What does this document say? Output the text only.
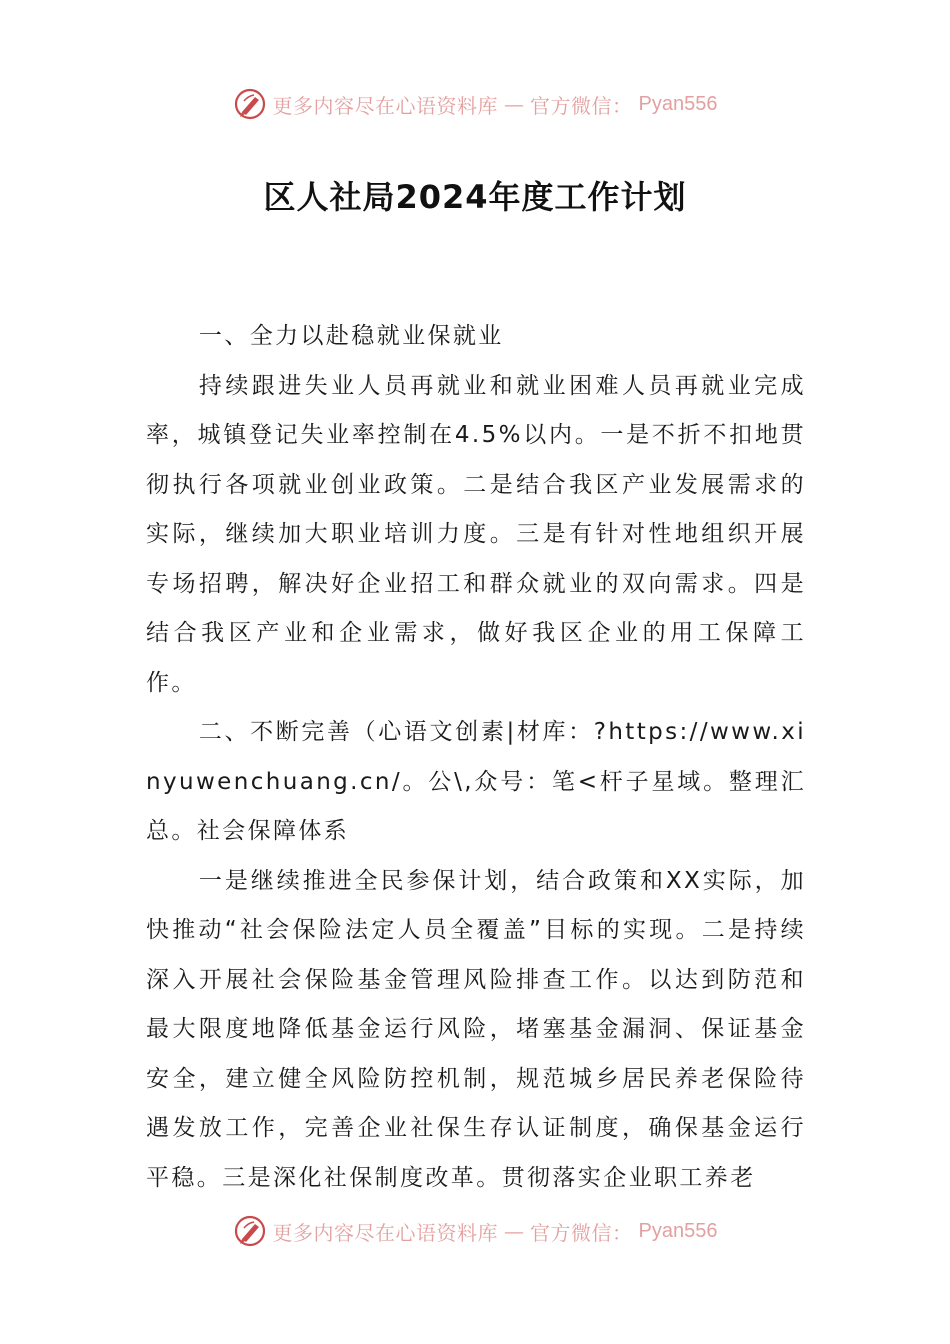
更多内容尽在心语资料库 — 官方微信： Pyan556
区人社局2024年度工作计划

一、全力以赴稳就业保就业

持续跟进失业人员再就业和就业困难人员再就业完成率，城镇登记失业率控制在4.5%以内。一是不折不扣地贯彻执行各项就业创业政策。二是结合我区产业发展需求的实际，继续加大职业培训力度。三是有针对性地组织开展专场招聘，解决好企业招工和群众就业的双向需求。四是结合我区产业和企业需求，做好我区企业的用工保障工作。

二、不断完善（心语文创素|材库：?https://www.xinyuwenchuang.cn/。公\,众号：笔<杆子星域。整理汇总。社会保障体系

一是继续推进全民参保计划，结合政策和XX实际，加快推动“社会保险法定人员全覆盖”目标的实现。二是持续深入开展社会保险基金管理风险排查工作。以达到防范和最大限度地降低基金运行风险，堵塞基金漏洞、保证基金安全，建立健全风险防控机制，规范城乡居民养老保险待遇发放工作，完善企业社保生存认证制度，确保基金运行平稳。三是深化社保制度改革。贯彻落实企业职工养老

更多内容尽在心语资料库 — 官方微信： Pyan556
